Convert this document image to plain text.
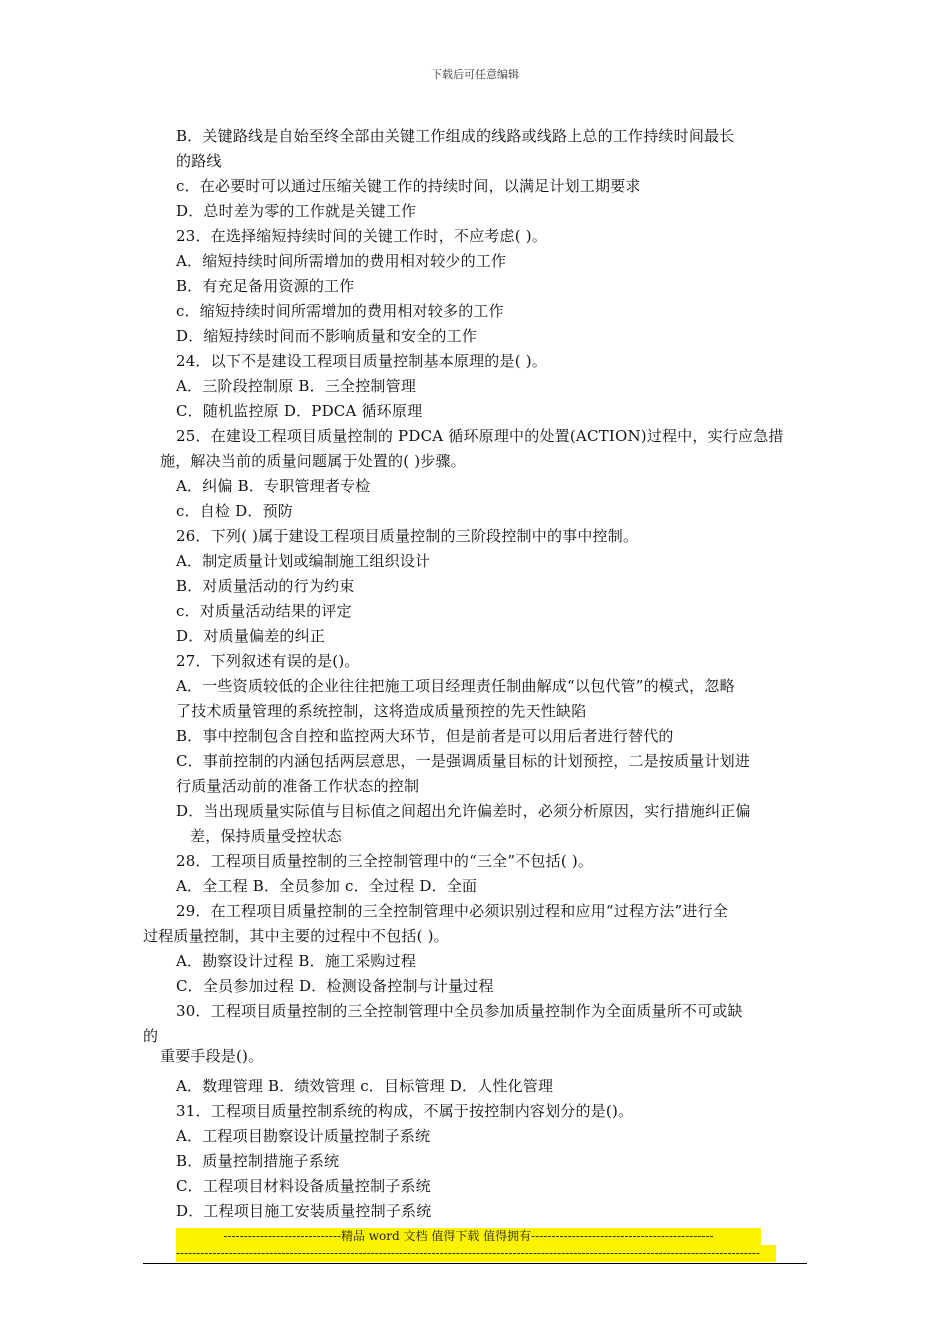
下载后可任意编辑
B．关键路线是自始至终全部由关键工作组成的线路或线路上总的工作持续时间最长
的路线
c．在必要时可以通过压缩关键工作的持续时间，以满足计划工期要求
D．总时差为零的工作就是关键工作
23．在选择缩短持续时间的关键工作时，不应考虑( )。
A．缩短持续时间所需增加的费用相对较少的工作
B．有充足备用资源的工作
c．缩短持续时间所需增加的费用相对较多的工作
D．缩短持续时间而不影响质量和安全的工作
24．以下不是建设工程项目质量控制基本原理的是( )。
A．三阶段控制原 B．三全控制管理
C．随机监控原 D．PDCA 循环原理
25．在建设工程项目质量控制的 PDCA 循环原理中的处置(ACTION)过程中，实行应急措
施，解决当前的质量问题属于处置的( )步骤。
A．纠偏 B．专职管理者专检
c．自检 D．预防
26．下列( )属于建设工程项目质量控制的三阶段控制中的事中控制。
A．制定质量计划或编制施工组织设计
B．对质量活动的行为约束
c．对质量活动结果的评定
D．对质量偏差的纠正
27．下列叙述有误的是()。
A．一些资质较低的企业往往把施工项目经理责任制曲解成“以包代管”的模式，忽略
了技术质量管理的系统控制，这将造成质量预控的先天性缺陷
B．事中控制包含自控和监控两大环节，但是前者是可以用后者进行替代的
C．事前控制的内涵包括两层意思，一是强调质量目标的计划预控，二是按质量计划进
行质量活动前的准备工作状态的控制
D．当出现质量实际值与目标值之间超出允许偏差时，必须分析原因，实行措施纠正偏
差，保持质量受控状态
28．工程项目质量控制的三全控制管理中的“三全”不包括( )。
A．全工程 B．全员参加 c．全过程 D．全面
29．在工程项目质量控制的三全控制管理中必须识别过程和应用“过程方法”进行全
过程质量控制，其中主要的过程中不包括( )。
A．勘察设计过程 B．施工采购过程
C．全员参加过程 D．检测设备控制与计量过程
30．工程项目质量控制的三全控制管理中全员参加质量控制作为全面质量所不可或缺
的
重要手段是()。
A．数理管理 B．绩效管理 c．目标管理 D．人性化管理
31．工程项目质量控制系统的构成，不属于按控制内容划分的是()。
A．工程项目勘察设计质量控制子系统
B．质量控制措施子系统
C．工程项目材料设备质量控制子系统
D．工程项目施工安装质量控制子系统
-----------------------------精品 word 文档 值得下载 值得拥有---------------------------------------------
------------------------------------------------------------------------------------------------------------------------------------------------
